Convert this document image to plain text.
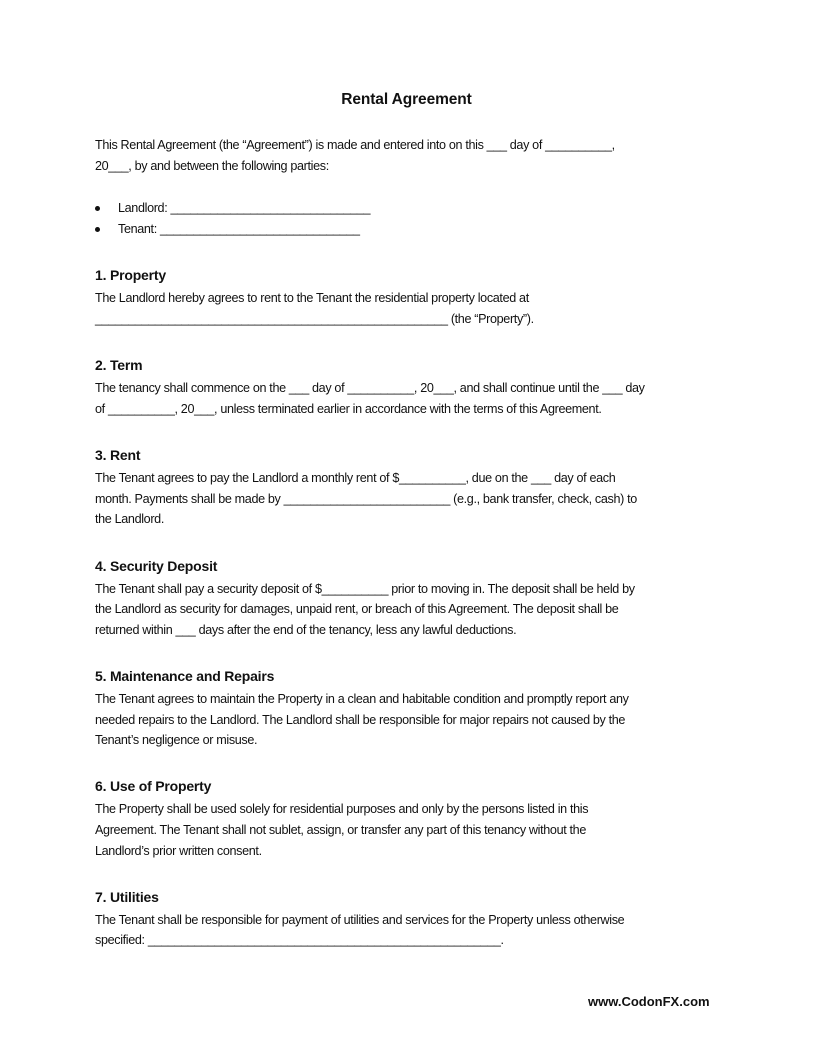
Rental Agreement
This Rental Agreement (the “Agreement”) is made and entered into on this ___ day of __________,
20___, by and between the following parties:
Landlord: ______________________________
Tenant: ______________________________
1. Property
The Landlord hereby agrees to rent to the Tenant the residential property located at
_____________________________________________________ (the “Property”).
2. Term
The tenancy shall commence on the ___ day of __________, 20___, and shall continue until the ___ day
of __________, 20___, unless terminated earlier in accordance with the terms of this Agreement.
3. Rent
The Tenant agrees to pay the Landlord a monthly rent of $__________, due on the ___ day of each
month. Payments shall be made by _________________________ (e.g., bank transfer, check, cash) to
the Landlord.
4. Security Deposit
The Tenant shall pay a security deposit of $__________ prior to moving in. The deposit shall be held by
the Landlord as security for damages, unpaid rent, or breach of this Agreement. The deposit shall be
returned within ___ days after the end of the tenancy, less any lawful deductions.
5. Maintenance and Repairs
The Tenant agrees to maintain the Property in a clean and habitable condition and promptly report any
needed repairs to the Landlord. The Landlord shall be responsible for major repairs not caused by the
Tenant’s negligence or misuse.
6. Use of Property
The Property shall be used solely for residential purposes and only by the persons listed in this
Agreement. The Tenant shall not sublet, assign, or transfer any part of this tenancy without the
Landlord’s prior written consent.
7. Utilities
The Tenant shall be responsible for payment of utilities and services for the Property unless otherwise
specified: _____________________________________________________.
www.CodonFX.com
